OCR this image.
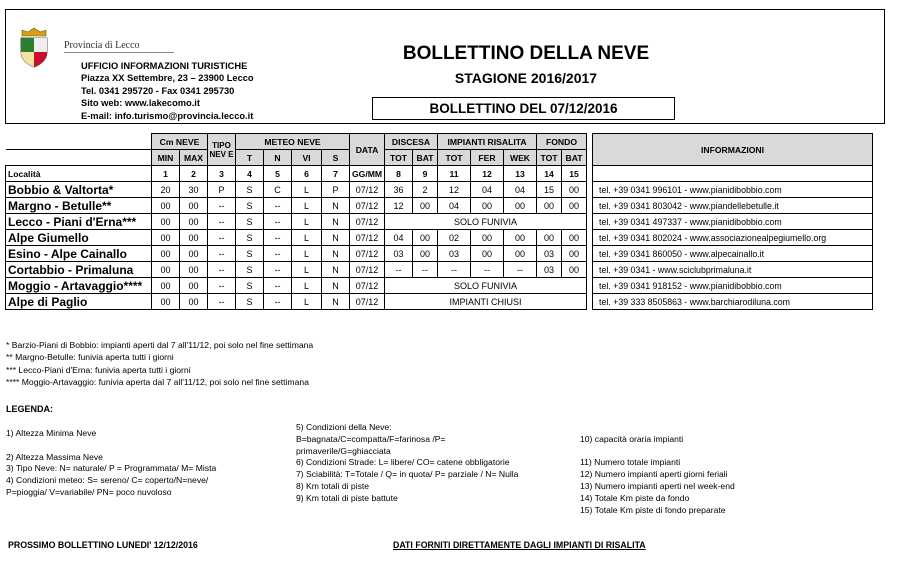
Provincia di Lecco
UFFICIO INFORMAZIONI TURISTICHE
Piazza XX Settembre, 23 – 23900 Lecco
Tel. 0341 295720 - Fax 0341 295730
Sito web: www.lakecomo.it
E-mail: info.turismo@provincia.lecco.it
BOLLETTINO DELLA NEVE
STAGIONE 2016/2017
BOLLETTINO DEL 07/12/2016
	Cm NEVE		TIPO NEV E	METEO NEVE				DATA	DISCESA		IMPIANTI RISALITA			FONDO			INFORMAZIONI
	MIN	MAX		T	N	VI	S		TOT	BAT	TOT	FER	WEK	TOT	BAT		
Località	1	2	3	4	5	6	7	GG/MM	8	9	11	12	13	14	15		
Bobbio & Valtorta*	20	30	P	S	C	L	P	07/12	36	2	12	04	04	15	00		tel. +39 0341 996101 - www.pianidibobbio.com
Margno - Betulle**	00	00	--	S	--	L	N	07/12	12	00	04	00	00	00	00		tel. +39 0341 803042 - www.piandellebetulle.it
Lecco - Piani d'Erna***	00	00	--	S	--	L	N	07/12	SOLO FUNIVIA								tel. +39 0341 497337 - www.pianidibobbio.com
Alpe Giumello	00	00	--	S	--	L	N	07/12	04	00	02	00	00	00	00		tel. +39 0341 802024 - www.associazionealpegiumello.org
Esino - Alpe Cainallo	00	00	--	S	--	L	N	07/12	03	00	03	00	00	03	00		tel. +39 0341 860050 - www.alpecainallo.it
Cortabbio - Primaluna	00	00	--	S	--	L	N	07/12	--	--	--	--	--	03	00		tel. +39 0341 - www.sciclubprimaluna.it
Moggio - Artavaggio****	00	00	--	S	--	L	N	07/12	SOLO FUNIVIA								tel. +39 0341 918152 - www.pianidibobbio.com
Alpe di Paglio	00	00	--	S	--	L	N	07/12	IMPIANTI CHIUSI								tel. +39 333 8505863 - www.barchiarodiluna.com
* Barzio-Piani di Bobbio: impianti aperti dal 7 all'11/12, poi solo nel fine settimana
** Margno-Betulle: funivia aperta tutti i giorni
*** Lecco-Piani d'Erna: funivia aperta tutti i giorni
**** Moggio-Artavaggio: funivia aperta dal 7 all'11/12, poi solo nel fine settimana
LEGENDA:
1) Altezza Minima Neve

2) Altezza Massima Neve
3) Tipo Neve: N= naturale/ P = Programmata/ M= Mista
4) Condizioni meteo: S= sereno/ C= coperto/N=neve/
P=pioggia/ V=variabile/ PN= poco nuvoloso
5) Condizioni della Neve:
B=bagnata/C=compatta/F=farinosa /P=
primaverile/G=ghiacciata
6) Condizioni Strade: L= libere/ CO= catene obbligatorie
7) Sciabilità: T=Totale / Q= in quota/ P= parziale / N= Nulla
8) Km totali di piste
9) Km totali di piste battute

10) capacità oraria impianti

11) Numero totale impianti
12) Numero impianti aperti giorni feriali
13) Numero impianti aperti nel week-end
14) Totale Km piste da fondo
15) Totale Km piste di fondo preparate
PROSSIMO BOLLETTINO LUNEDI' 12/12/2016	DATI FORNITI DIRETTAMENTE DAGLI IMPIANTI DI RISALITA
